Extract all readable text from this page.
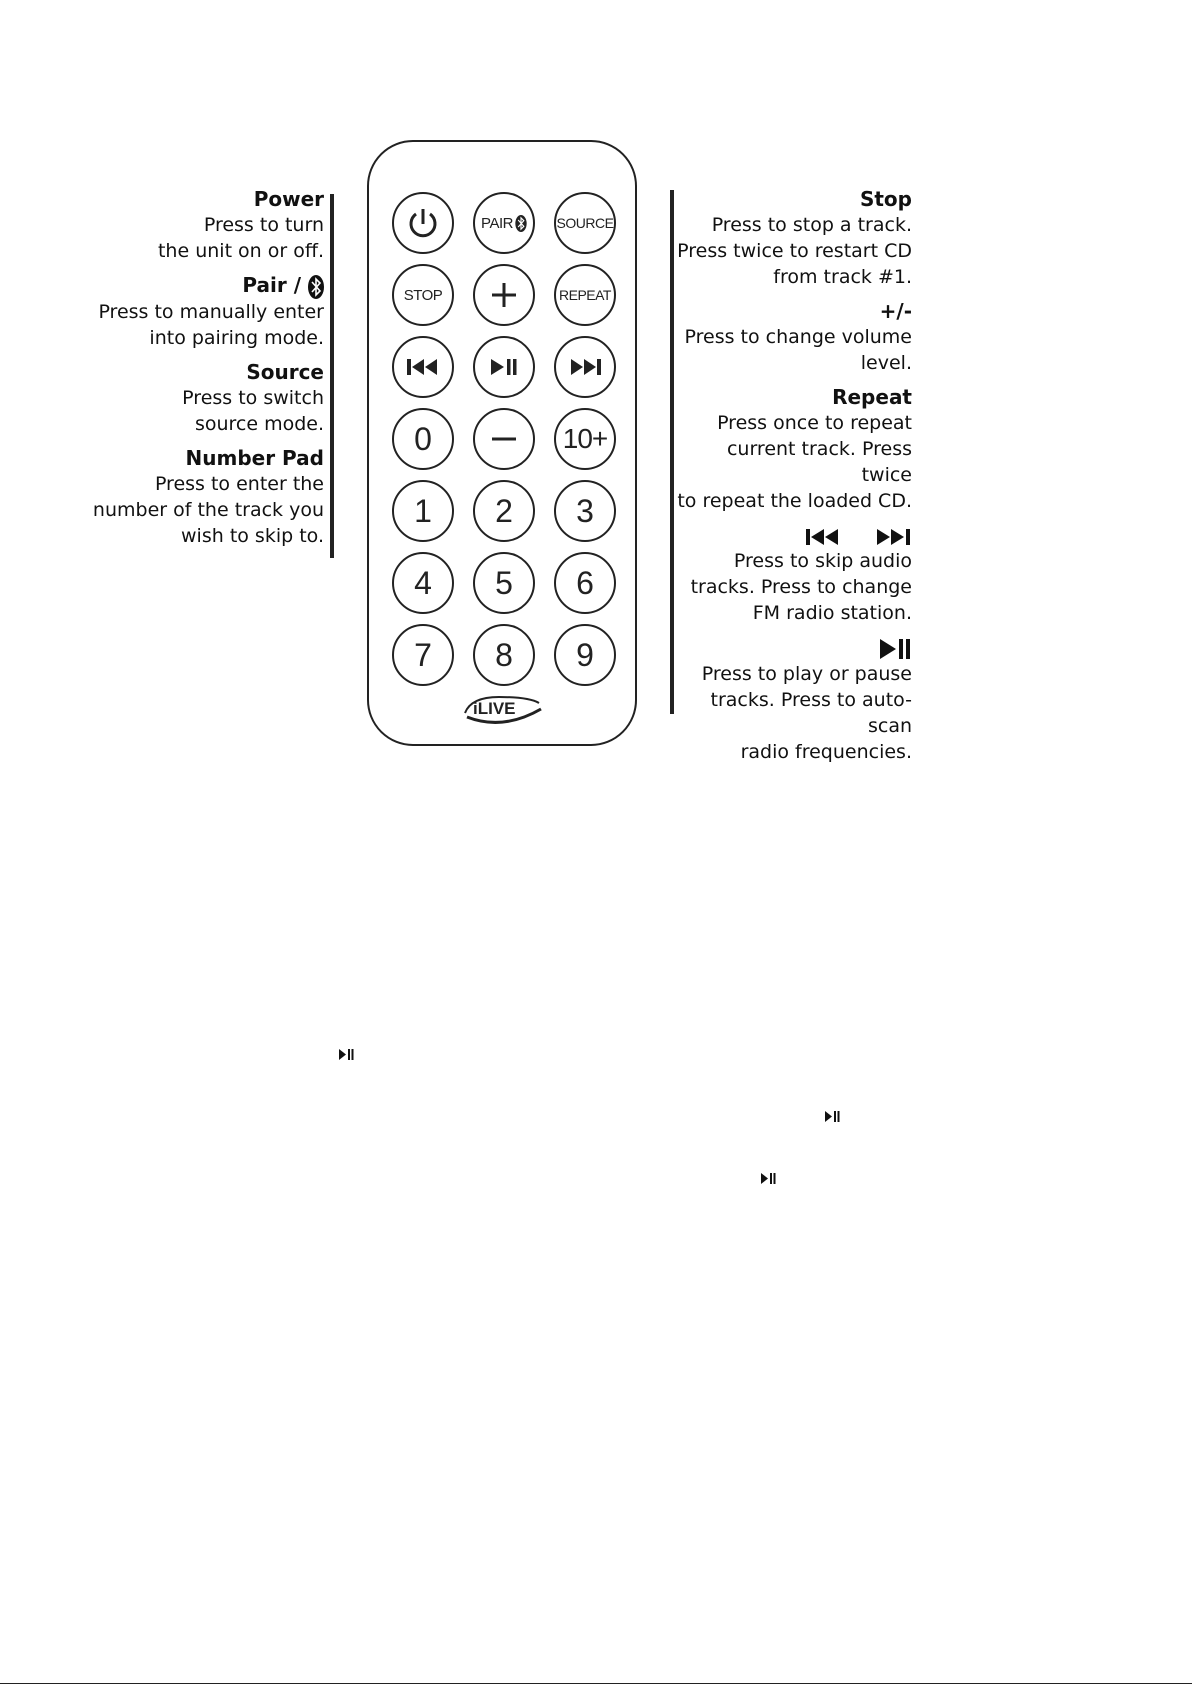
Power
Press to turn
the unit on or off.
Pair /
Press to manually enter
into pairing mode.
Source
Press to switch
source mode.
Number Pad
Press to enter the
number of the track you
wish to skip to.
PAIR	SOURCE
STOP	REPEAT
0	10+
1 2 3
4 5 6
7 8 9
iLIVE
Stop
Press to stop a track.
Press twice to restart CD
from track #1.
+/-
Press to change volume
level.
Repeat
Press once to repeat
current track. Press twice
to repeat the loaded CD.

Press to skip audio
tracks. Press to change
FM radio station.
Press to play or pause
tracks. Press to auto-scan
radio frequencies.
